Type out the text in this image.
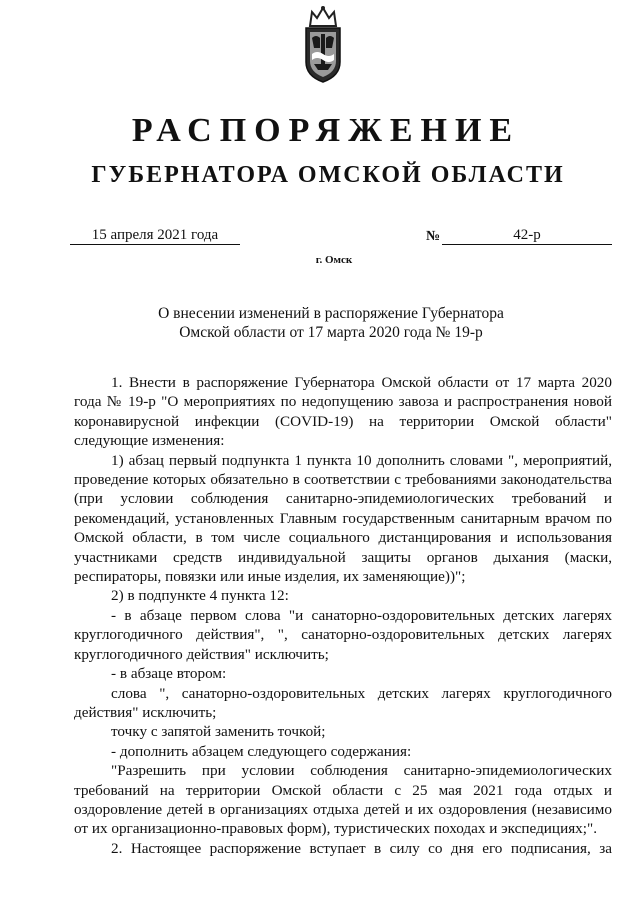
РАСПОРЯЖЕНИЕ
ГУБЕРНАТОРА ОМСКОЙ ОБЛАСТИ
15 апреля 2021 года	№	42-р
г. Омск
О внесении изменений в распоряжение Губернатора
Омской области от 17 марта 2020 года № 19-р

1. Внести в распоряжение Губернатора Омской области от 17 марта 2020 года № 19-р "О мероприятиях по недопущению завоза и распространения новой коронавирусной инфекции (COVID-19) на территории Омской области" следующие изменения:

1) абзац первый подпункта 1 пункта 10 дополнить словами ", мероприятий, проведение которых обязательно в соответствии с требованиями законодательства (при условии соблюдения санитарно-эпидемиологических требований и рекомендаций, установленных Главным государственным санитарным врачом по Омской области, в том числе социального дистанцирования и использования участниками средств индивидуальной защиты органов дыхания (маски, респираторы, повязки или иные изделия, их заменяющие))";

2) в подпункте 4 пункта 12:

- в абзаце первом слова "и санаторно-оздоровительных детских лагерях круглогодичного действия", ", санаторно-оздоровительных детских лагерях круглогодичного действия" исключить;

- в абзаце втором:

слова ", санаторно-оздоровительных детских лагерях круглогодичного действия" исключить;

точку с запятой заменить точкой;

- дополнить абзацем следующего содержания:

"Разрешить при условии соблюдения санитарно-эпидемиологических требований на территории Омской области с 25 мая 2021 года отдых и оздоровление детей в организациях отдыха детей и их оздоровления (независимо от их организационно-правовых форм), туристических походах и экспедициях;".

2. Настоящее распоряжение вступает в силу со дня его подписания, за
